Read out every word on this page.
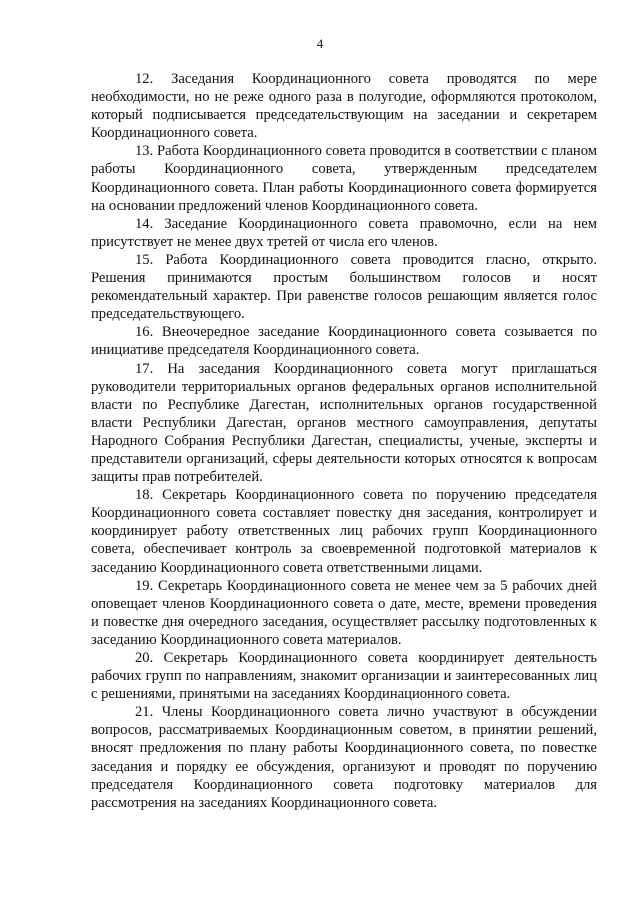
4

12. Заседания Координационного совета проводятся по мере необходимости, но не реже одного раза в полугодие, оформляются протоколом, который подписывается председательствующим на заседании и секретарем Координационного совета.

13. Работа Координационного совета проводится в соответствии с планом работы Координационного совета, утвержденным председателем Координационного совета. План работы Координационного совета формируется на основании предложений членов Координационного совета.

14. Заседание Координационного совета правомочно, если на нем присутствует не менее двух третей от числа его членов.

15. Работа Координационного совета проводится гласно, открыто. Решения принимаются простым большинством голосов и носят рекомендательный характер. При равенстве голосов решающим является голос председательствующего.

16. Внеочередное заседание Координационного совета созывается по инициативе председателя Координационного совета.

17. На заседания Координационного совета могут приглашаться руководители территориальных органов федеральных органов исполнительной власти по Республике Дагестан, исполнительных органов государственной власти Республики Дагестан, органов местного самоуправления, депутаты Народного Собрания Республики Дагестан, специалисты, ученые, эксперты и представители организаций, сферы деятельности которых относятся к вопросам защиты прав потребителей.

18. Секретарь Координационного совета по поручению председателя Координационного совета составляет повестку дня заседания, контролирует и координирует работу ответственных лиц рабочих групп Координационного совета, обеспечивает контроль за своевременной подготовкой материалов к заседанию Координационного совета ответственными лицами.

19. Секретарь Координационного совета не менее чем за 5 рабочих дней оповещает членов Координационного совета о дате, месте, времени проведения и повестке дня очередного заседания, осуществляет рассылку подготовленных к заседанию Координационного совета материалов.

20. Секретарь Координационного совета координирует деятельность рабочих групп по направлениям, знакомит организации и заинтересованных лиц с решениями, принятыми на заседаниях Координационного совета.

21. Члены Координационного совета лично участвуют в обсуждении вопросов, рассматриваемых Координационным советом, в принятии решений, вносят предложения по плану работы Координационного совета, по повестке заседания и порядку ее обсуждения, организуют и проводят по поручению председателя Координационного совета подготовку материалов для рассмотрения на заседаниях Координационного совета.
